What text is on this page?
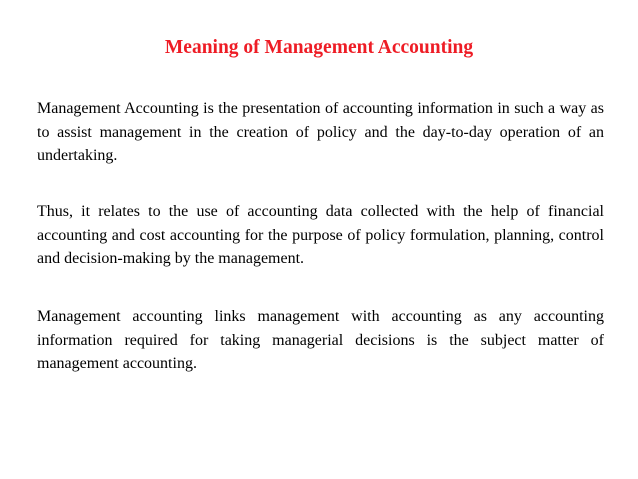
Meaning of Management Accounting

Management Accounting is the presentation of accounting information in such a way as to assist management in the creation of policy and the day-to-day operation of an undertaking.

Thus, it relates to the use of accounting data collected with the help of financial accounting and cost accounting for the purpose of policy formulation, planning, control and decision-making by the management.

Management accounting links management with accounting as any accounting information required for taking managerial decisions is the subject matter of management accounting.
